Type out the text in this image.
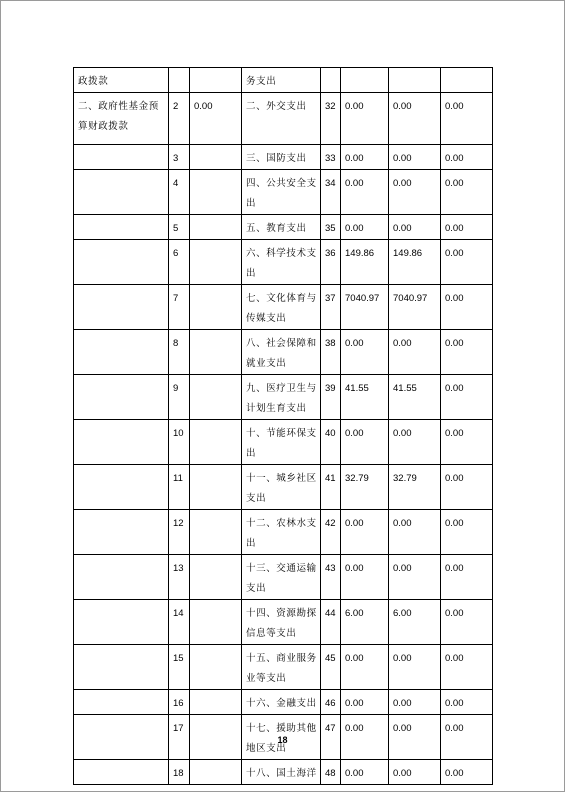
政拨款			务支出				
二、政府性基金预算财政拨款	2	0.00	二、外交支出	32	0.00	0.00	0.00
	3		三、国防支出	33	0.00	0.00	0.00
	4		四、公共安全支出	34	0.00	0.00	0.00
	5		五、教育支出	35	0.00	0.00	0.00
	6		六、科学技术支出	36	149.86	149.86	0.00
	7		七、文化体育与传媒支出	37	7040.97	7040.97	0.00
	8		八、社会保障和就业支出	38	0.00	0.00	0.00
	9		九、医疗卫生与计划生育支出	39	41.55	41.55	0.00
	10		十、节能环保支出	40	0.00	0.00	0.00
	11		十一、城乡社区支出	41	32.79	32.79	0.00
	12		十二、农林水支出	42	0.00	0.00	0.00
	13		十三、交通运输支出	43	0.00	0.00	0.00
	14		十四、资源勘探信息等支出	44	6.00	6.00	0.00
	15		十五、商业服务业等支出	45	0.00	0.00	0.00
	16		十六、金融支出	46	0.00	0.00	0.00
	17		十七、援助其他地区支出	47	0.00	0.00	0.00
	18		十八、国土海洋	48	0.00	0.00	0.00
18
